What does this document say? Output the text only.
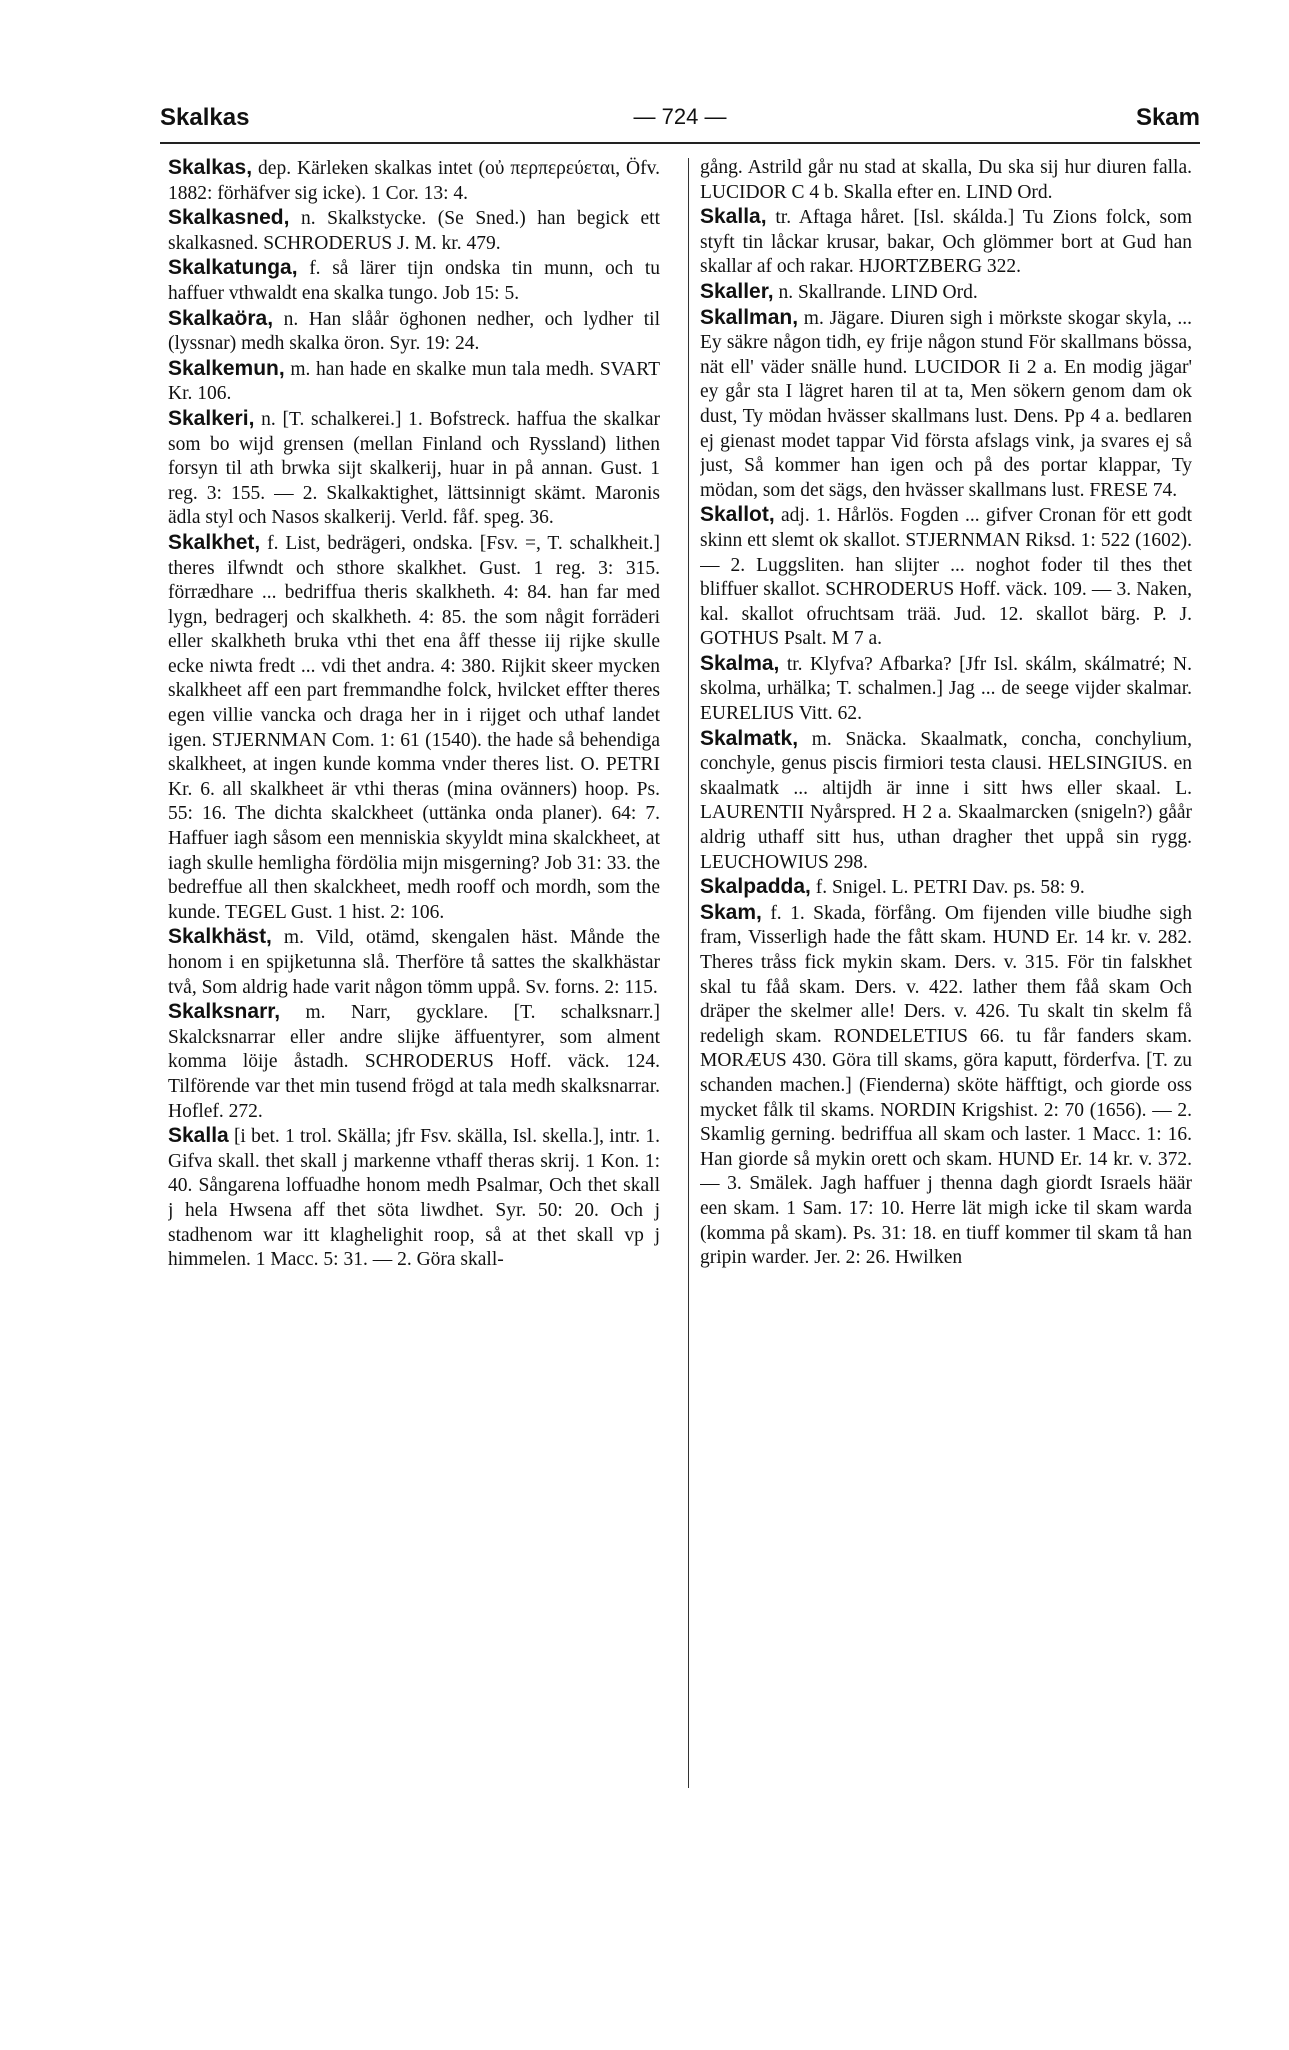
Skalkas	— 724 —	Skam

Skalkas, dep. Kärleken skalkas intet (οὐ περπερεύεται, Öfv. 1882: förhäfver sig icke). 1 Cor. 13: 4.

Skalkasned, n. Skalkstycke. (Se Sned.) han begick ett skalkasned. SCHRODERUS J. M. kr. 479.

Skalkatunga, f. så lärer tijn ondska tin munn, och tu haffuer vthwaldt ena skalka tungo. Job 15: 5.

Skalkaöra, n. Han slåår öghonen nedher, och lydher til (lyssnar) medh skalka öron. Syr. 19: 24.

Skalkemun, m. han hade en skalke mun tala medh. SVART Kr. 106.

Skalkeri, n. [T. schalkerei.] 1. Bofstreck. haffua the skalkar som bo wijd grensen (mellan Finland och Ryssland) lithen forsyn til ath brwka sijt skalkerij, huar in på annan. Gust. 1 reg. 3: 155. — 2. Skalkaktighet, lättsinnigt skämt. Maronis ädla styl och Nasos skalkerij. Verld. fåf. speg. 36.

Skalkhet, f. List, bedrägeri, ondska. [Fsv. =, T. schalkheit.] theres ilfwndt och sthore skalkhet. Gust. 1 reg. 3: 315. förrædhare ... bedriffua theris skalkheth. 4: 84. han far med lygn, bedragerj och skalkheth. 4: 85. the som någit forräderi eller skalkheth bruka vthi thet ena åff thesse iij rijke skulle ecke niwta fredt ... vdi thet andra. 4: 380. Rijkit skeer mycken skalkheet aff een part fremmandhe folck, hvilcket effter theres egen villie vancka och draga her in i rijget och uthaf landet igen. STJERNMAN Com. 1: 61 (1540). the hade så behendiga skalkheet, at ingen kunde komma vnder theres list. O. PETRI Kr. 6. all skalkheet är vthi theras (mina ovänners) hoop. Ps. 55: 16. The dichta skalckheet (uttänka onda planer). 64: 7. Haffuer iagh såsom een menniskia skyyldt mina skalckheet, at iagh skulle hemligha fördölia mijn misgerning? Job 31: 33. the bedreffue all then skalckheet, medh rooff och mordh, som the kunde. TEGEL Gust. 1 hist. 2: 106.

Skalkhäst, m. Vild, otämd, skengalen häst. Månde the honom i en spijketunna slå. Therföre tå sattes the skalkhästar två, Som aldrig hade varit någon tömm uppå. Sv. forns. 2: 115.

Skalksnarr, m. Narr, gycklare. [T. schalksnarr.] Skalcksnarrar eller andre slijke äffuentyrer, som alment komma löije åstadh. SCHRODERUS Hoff. väck. 124. Tilförende var thet min tusend frögd at tala medh skalksnarrar. Hoflef. 272.

Skalla [i bet. 1 trol. Skälla; jfr Fsv. skälla, Isl. skella.], intr. 1. Gifva skall. thet skall j markenne vthaff theras skrij. 1 Kon. 1: 40. Sångarena loffuadhe honom medh Psalmar, Och thet skall j hela Hwsena aff thet söta liwdhet. Syr. 50: 20. Och j stadhenom war itt klaghelighit roop, så at thet skall vp j himmelen. 1 Macc. 5: 31. — 2. Göra skall-

gång. Astrild går nu stad at skalla, Du ska sij hur diuren falla. LUCIDOR C 4 b. Skalla efter en. LIND Ord.

Skalla, tr. Aftaga håret. [Isl. skálda.] Tu Zions folck, som styft tin låckar krusar, bakar, Och glömmer bort at Gud han skallar af och rakar. HJORTZBERG 322.

Skaller, n. Skallrande. LIND Ord.

Skallman, m. Jägare. Diuren sigh i mörkste skogar skyla, ... Ey säkre någon tidh, ey frije någon stund För skallmans bössa, nät ell' väder snälle hund. LUCIDOR Ii 2 a. En modig jägar' ey går sta I lägret haren til at ta, Men sökern genom dam ok dust, Ty mödan hvässer skallmans lust. Dens. Pp 4 a. bedlaren ej gienast modet tappar Vid första afslags vink, ja svares ej så just, Så kommer han igen och på des portar klappar, Ty mödan, som det sägs, den hvässer skallmans lust. FRESE 74.

Skallot, adj. 1. Hårlös. Fogden ... gifver Cronan för ett godt skinn ett slemt ok skallot. STJERNMAN Riksd. 1: 522 (1602). — 2. Luggsliten. han slijter ... noghot foder til thes thet bliffuer skallot. SCHRODERUS Hoff. väck. 109. — 3. Naken, kal. skallot ofruchtsam trää. Jud. 12. skallot bärg. P. J. GOTHUS Psalt. M 7 a.

Skalma, tr. Klyfva? Afbarka? [Jfr Isl. skálm, skálmatré; N. skolma, urhälka; T. schalmen.] Jag ... de seege vijder skalmar. EURELIUS Vitt. 62.

Skalmatk, m. Snäcka. Skaalmatk, concha, conchylium, conchyle, genus piscis firmiori testa clausi. HELSINGIUS. en skaalmatk ... altijdh är inne i sitt hws eller skaal. L. LAURENTII Nyårspred. H 2 a. Skaalmarcken (snigeln?) gåår aldrig uthaff sitt hus, uthan dragher thet uppå sin rygg. LEUCHOWIUS 298.

Skalpadda, f. Snigel. L. PETRI Dav. ps. 58: 9.

Skam, f. 1. Skada, förfång. Om fijenden ville biudhe sigh fram, Visserligh hade the fått skam. HUND Er. 14 kr. v. 282. Theres tråss fick mykin skam. Ders. v. 315. För tin falskhet skal tu fåå skam. Ders. v. 422. lather them fåå skam Och dräper the skelmer alle! Ders. v. 426. Tu skalt tin skelm få redeligh skam. RONDELETIUS 66. tu får fanders skam. MORÆUS 430. Göra till skams, göra kaputt, förderfva. [T. zu schanden machen.] (Fienderna) sköte häfftigt, och giorde oss mycket fålk til skams. NORDIN Krigshist. 2: 70 (1656). — 2. Skamlig gerning. bedriffua all skam och laster. 1 Macc. 1: 16. Han giorde så mykin orett och skam. HUND Er. 14 kr. v. 372. — 3. Smälek. Jagh haffuer j thenna dagh giordt Israels häär een skam. 1 Sam. 17: 10. Herre lät migh icke til skam warda (komma på skam). Ps. 31: 18. en tiuff kommer til skam tå han gripin warder. Jer. 2: 26. Hwilken
